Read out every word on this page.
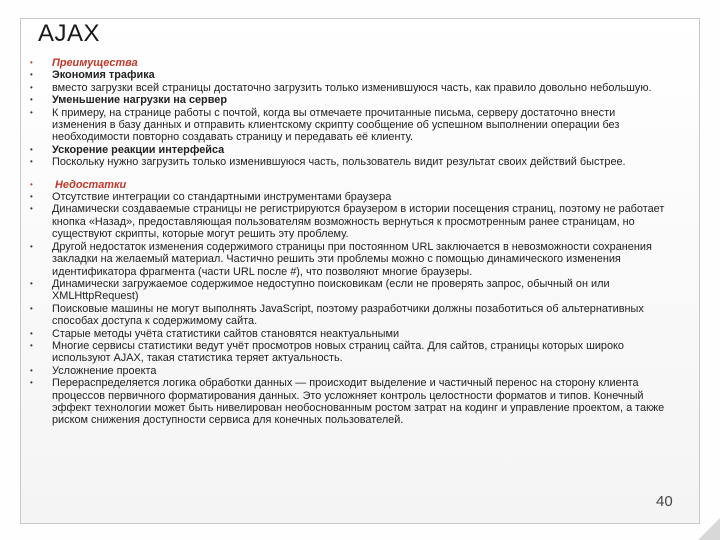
AJAX
•	Преимущества
•	Экономия трафика
•	вместо загрузки всей страницы достаточно загрузить только изменившуюся часть, как правило довольно небольшую.
•	Уменьшение нагрузки на сервер
•	К примеру, на странице работы с почтой, когда вы отмечаете прочитанные письма, серверу достаточно внести изменения в базу данных и отправить клиентскому скрипту сообщение об успешном выполнении операции без необходимости повторно создавать страницу и передавать её клиенту.
•	Ускорение реакции интерфейса
•	Поскольку нужно загрузить только изменившуюся часть, пользователь видит результат своих действий быстрее.
•	Недостатки
•	Отсутствие интеграции со стандартными инструментами браузера
•	Динамически создаваемые страницы не регистрируются браузером в истории посещения страниц, поэтому не работает кнопка «Назад», предоставляющая пользователям возможность вернуться к просмотренным ранее страницам, но существуют скрипты, которые могут решить эту проблему.
•	Другой недостаток изменения содержимого страницы при постоянном URL заключается в невозможности сохранения закладки на желаемый материал. Частично решить эти проблемы можно с помощью динамического изменения идентификатора фрагмента (части URL после #), что позволяют многие браузеры.
•	Динамически загружаемое содержимое недоступно поисковикам (если не проверять запрос, обычный он или XMLHttpRequest)
•	Поисковые машины не могут выполнять JavaScript, поэтому разработчики должны позаботиться об альтернативных способах доступа к содержимому сайта.
•	Старые методы учёта статистики сайтов становятся неактуальными
•	Многие сервисы статистики ведут учёт просмотров новых страниц сайта. Для сайтов, страницы которых широко используют AJAX, такая статистика теряет актуальность.
•	Усложнение проекта
•	Перераспределяется логика обработки данных — происходит выделение и частичный перенос на сторону клиента процессов первичного форматирования данных. Это усложняет контроль целостности форматов и типов. Конечный эффект технологии может быть нивелирован необоснованным ростом затрат на кодинг и управление проектом, а также риском снижения доступности сервиса для конечных пользователей.
40
